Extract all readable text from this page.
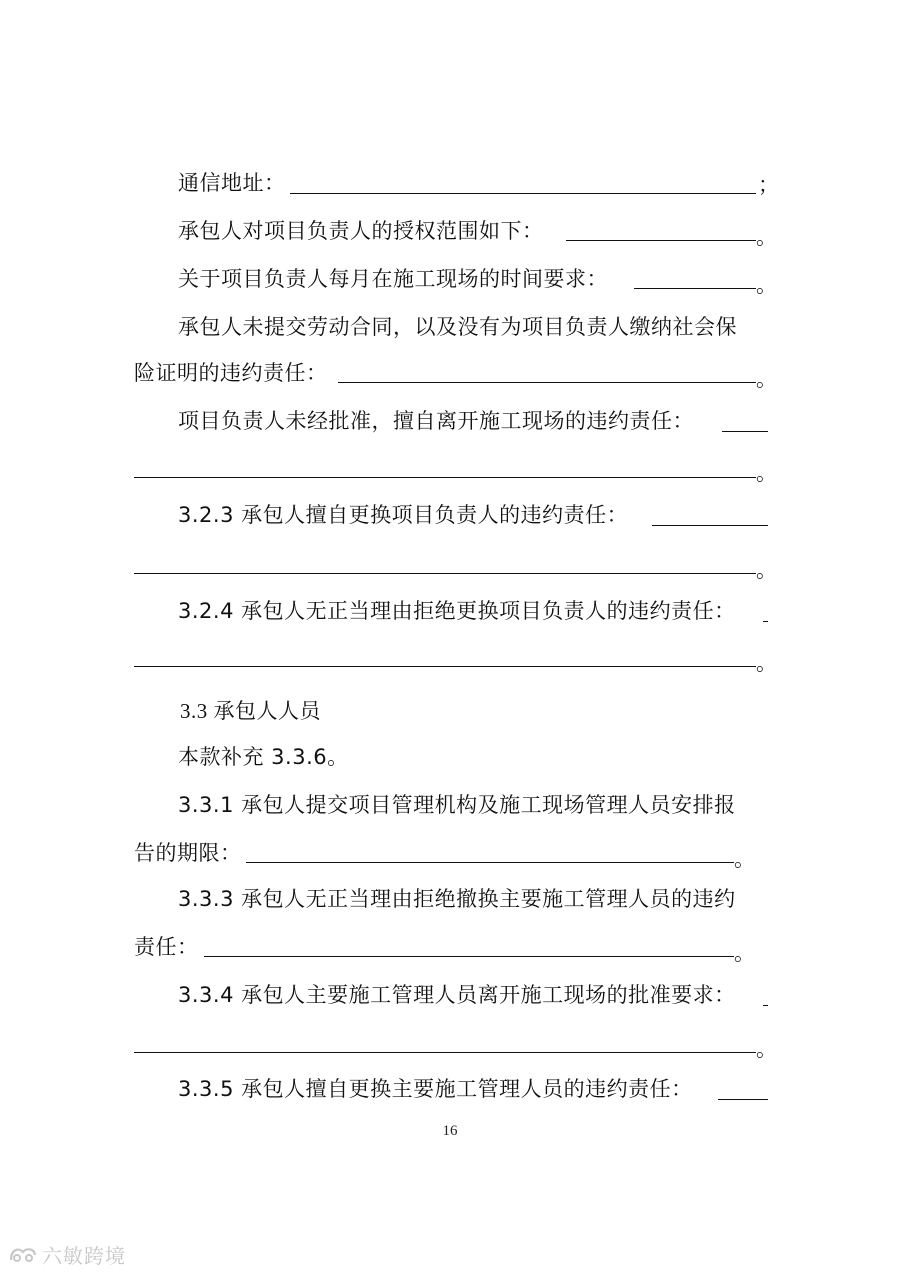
通信地址：	；
承包人对项目负责人的授权范围如下：	。
关于项目负责人每月在施工现场的时间要求：	。
承包人未提交劳动合同，以及没有为项目负责人缴纳社会保
险证明的违约责任：	。
项目负责人未经批准，擅自离开施工现场的违约责任：
。
3.2.3 承包人擅自更换项目负责人的违约责任：
。
3.2.4 承包人无正当理由拒绝更换项目负责人的违约责任：
。
3.3 承包人人员
本款补充 3.3.6。
3.3.1 承包人提交项目管理机构及施工现场管理人员安排报
告的期限：	。
3.3.3 承包人无正当理由拒绝撤换主要施工管理人员的违约
责任：	。
3.3.4 承包人主要施工管理人员离开施工现场的批准要求：
。
3.3.5 承包人擅自更换主要施工管理人员的违约责任：
16
六敏跨境
